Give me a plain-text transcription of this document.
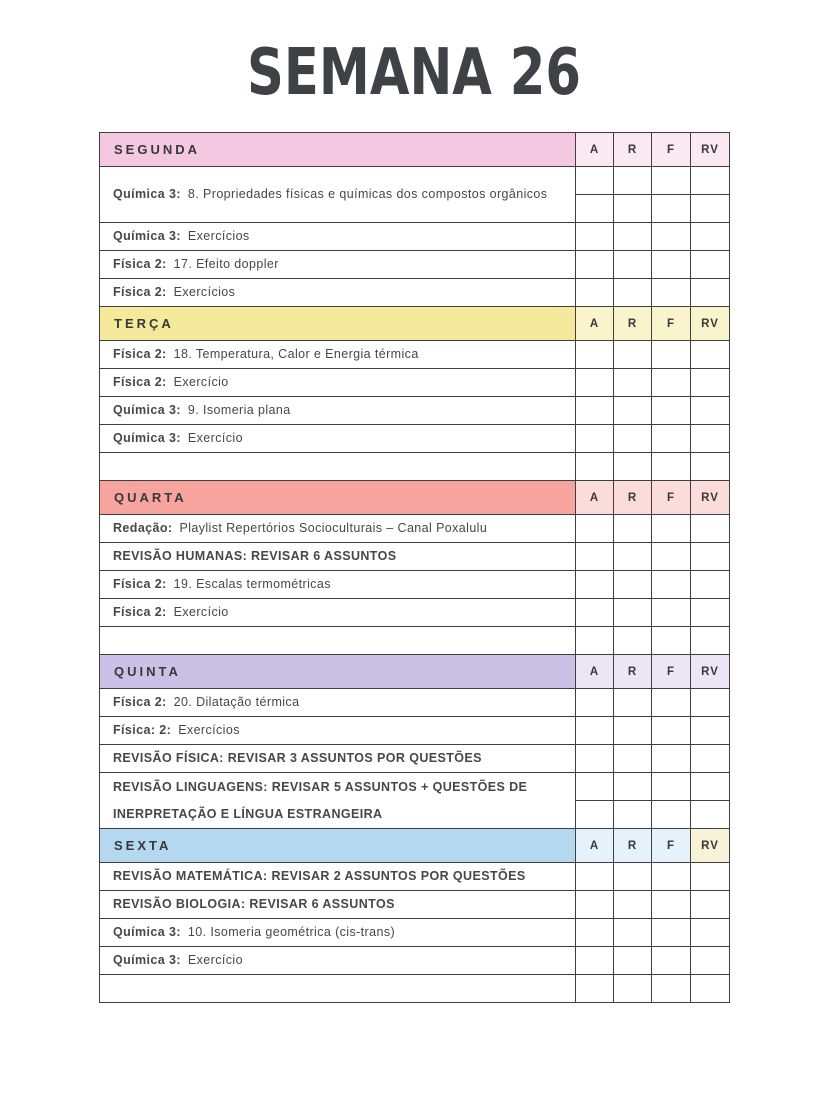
SEMANA 26
SEGUNDA	A	R	F	RV
Química 3: 8. Propriedades físicas e químicas dos compostos orgânicos				

Química 3: Exercícios				
Física 2: 17. Efeito doppler				
Física 2: Exercícios				
TERÇA	A	R	F	RV
Física 2: 18. Temperatura, Calor e Energia térmica				
Física 2: Exercício				
Química 3: 9. Isomeria plana				
Química 3: Exercício				

QUARTA	A	R	F	RV
Redação: Playlist Repertórios Socioculturais – Canal Poxalulu				
REVISÃO HUMANAS: REVISAR 6 ASSUNTOS				
Física 2: 19. Escalas termométricas				
Física 2: Exercício				

QUINTA	A	R	F	RV
Física 2: 20. Dilatação térmica				
Física: 2: Exercícios				
REVISÃO FÍSICA: REVISAR 3 ASSUNTOS POR QUESTÕES				
REVISÃO LINGUAGENS: REVISAR 5 ASSUNTOS + QUESTÕES DE INERPRETAÇÃO E LÍNGUA ESTRANGEIRA				

SEXTA	A	R	F	RV
REVISÃO MATEMÁTICA: REVISAR 2 ASSUNTOS POR QUESTÕES				
REVISÃO BIOLOGIA: REVISAR 6 ASSUNTOS				
Química 3: 10. Isomeria geométrica (cis-trans)				
Química 3: Exercício				
